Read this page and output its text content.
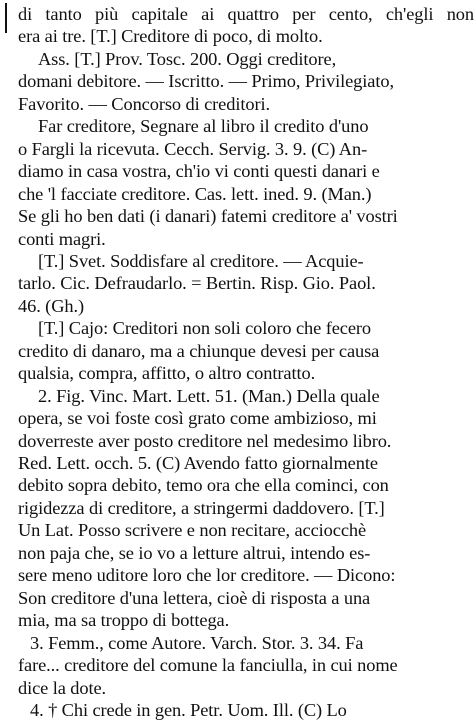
di tanto più capitale ai quattro per cento, ch'egli non
era ai tre. [T.] Creditore di poco, di molto.
Ass. [T.] Prov. Tosc. 200. Oggi creditore,
domani debitore. — Iscritto. — Primo, Privilegiato,
Favorito. — Concorso di creditori.
Far creditore, Segnare al libro il credito d'uno
o Fargli la ricevuta. Cecch. Servig. 3. 9. (C) An-
diamo in casa vostra, ch'io vi conti questi danari e
che 'l facciate creditore. Cas. lett. ined. 9. (Man.)
Se gli ho ben dati (i danari) fatemi creditore a' vostri
conti magri.
[T.] Svet. Soddisfare al creditore. — Acquie-
tarlo. Cic. Defraudarlo. = Bertin. Risp. Gio. Paol.
46. (Gh.)
[T.] Cajo: Creditori non soli coloro che fecero
credito di danaro, ma a chiunque devesi per causa
qualsia, compra, affitto, o altro contratto.
2. Fig. Vinc. Mart. Lett. 51. (Man.) Della quale
opera, se voi foste così grato come ambizioso, mi
doverreste aver posto creditore nel medesimo libro.
Red. Lett. occh. 5. (C) Avendo fatto giornalmente
debito sopra debito, temo ora che ella cominci, con
rigidezza di creditore, a stringermi daddovero. [T.]
Un Lat. Posso scrivere e non recitare, acciocchè
non paja che, se io vo a letture altrui, intendo es-
sere meno uditore loro che lor creditore. — Dicono:
Son creditore d'una lettera, cioè di risposta a una
mia, ma sa troppo di bottega.
3. Femm., come Autore. Varch. Stor. 3. 34. Fa
fare... creditore del comune la fanciulla, in cui nome
dice la dote.
4. † Chi crede in gen. Petr. Uom. Ill. (C) Lo
